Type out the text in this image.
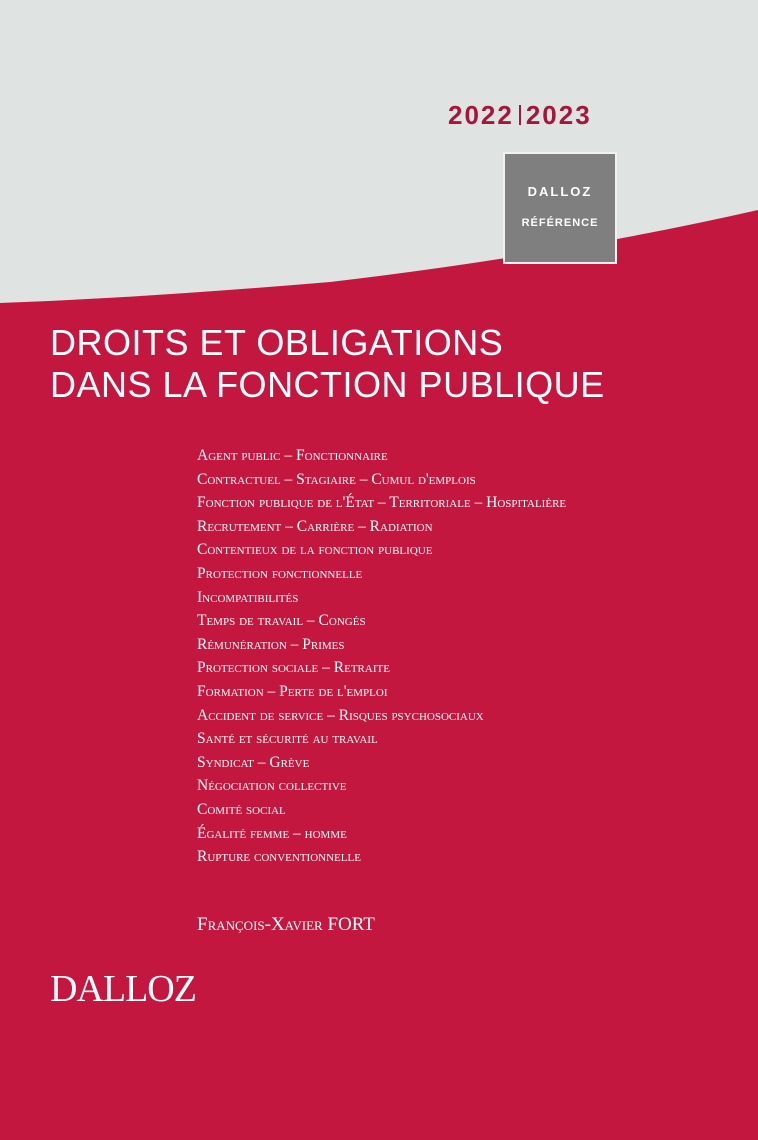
2022 2023
DALLOZ
RÉFÉRENCE
DROITS ET OBLIGATIONS
DANS LA FONCTION PUBLIQUE
Agent public – Fonctionnaire
Contractuel – Stagiaire – Cumul d'emplois
Fonction publique de l'État – Territoriale – Hospitalière
Recrutement – Carrière – Radiation
Contentieux de la fonction publique
Protection fonctionnelle
Incompatibilités
Temps de travail – Congés
Rémunération – Primes
Protection sociale – Retraite
Formation – Perte de l'emploi
Accident de service – Risques psychosociaux
Santé et sécurité au travail
Syndicat – Grève
Négociation collective
Comité social
Égalité femme – homme
Rupture conventionnelle
François-Xavier FORT
DALLOZ
